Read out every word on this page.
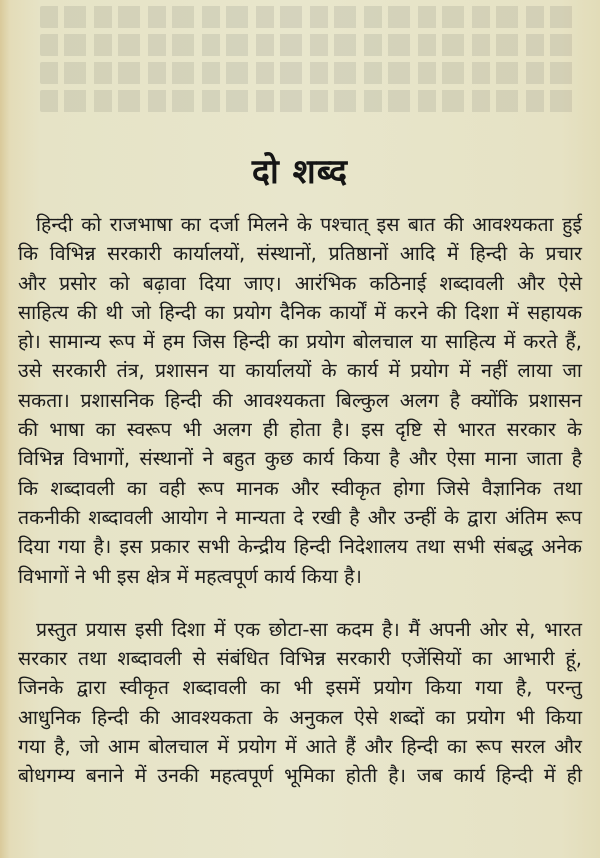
दो शब्द
हिन्दी को राजभाषा का दर्जा मिलने के पश्चात् इस बात की आवश्यकता हुई
कि विभिन्न सरकारी कार्यालयों, संस्थानों, प्रतिष्ठानों आदि में हिन्दी के प्रचार
और प्रसोर को बढ़ावा दिया जाए। आरंभिक कठिनाई शब्दावली और ऐसे
साहित्य की थी जो हिन्दी का प्रयोग दैनिक कार्यों में करने की दिशा में सहायक
हो। सामान्य रूप में हम जिस हिन्दी का प्रयोग बोलचाल या साहित्य में करते हैं,
उसे सरकारी तंत्र, प्रशासन या कार्यालयों के कार्य में प्रयोग में नहीं लाया जा
सकता। प्रशासनिक हिन्दी की आवश्यकता बिल्कुल अलग है क्योंकि प्रशासन
की भाषा का स्वरूप भी अलग ही होता है। इस दृष्टि से भारत सरकार के
विभिन्न विभागों, संस्थानों ने बहुत कुछ कार्य किया है और ऐसा माना जाता है
कि शब्दावली का वही रूप मानक और स्वीकृत होगा जिसे वैज्ञानिक तथा
तकनीकी शब्दावली आयोग ने मान्यता दे रखी है और उन्हीं के द्वारा अंतिम रूप
दिया गया है। इस प्रकार सभी केन्द्रीय हिन्दी निदेशालय तथा सभी संबद्ध अनेक
विभागों ने भी इस क्षेत्र में महत्वपूर्ण कार्य किया है।
प्रस्तुत प्रयास इसी दिशा में एक छोटा-सा कदम है। मैं अपनी ओर से, भारत
सरकार तथा शब्दावली से संबंधित विभिन्न सरकारी एजेंसियों का आभारी हूं,
जिनके द्वारा स्वीकृत शब्दावली का भी इसमें प्रयोग किया गया है, परन्तु
आधुनिक हिन्दी की आवश्यकता के अनुकल ऐसे शब्दों का प्रयोग भी किया
गया है, जो आम बोलचाल में प्रयोग में आते हैं और हिन्दी का रूप सरल और
बोधगम्य बनाने में उनकी महत्वपूर्ण भूमिका होती है। जब कार्य हिन्दी में ही
